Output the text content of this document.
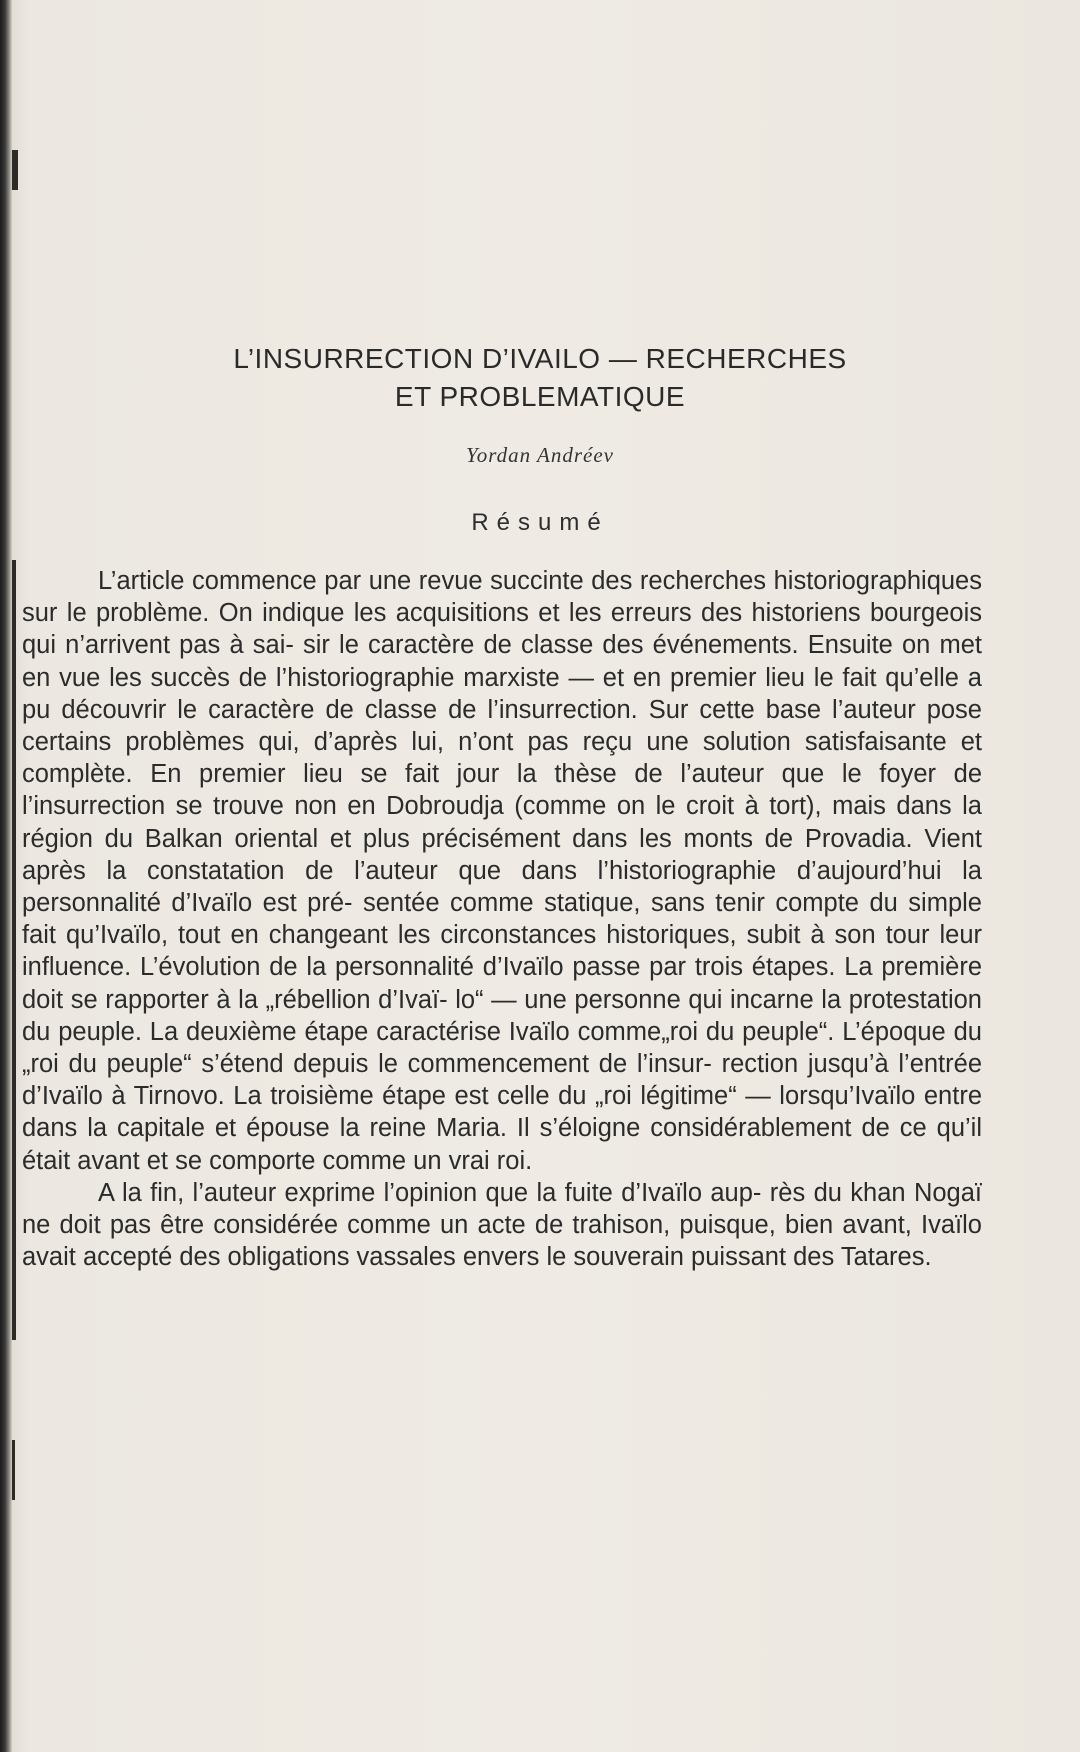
L’INSURRECTION D’IVAILO — RECHERCHES
ET PROBLEMATIQUE
Yordan Andréev
Résumé

L’article commence par une revue succinte des recherches historiographiques sur le problème. On indique les acquisitions et les erreurs des historiens bourgeois qui n’arrivent pas à sai- sir le caractère de classe des événements. Ensuite on met en vue les succès de l’historiographie marxiste — et en premier lieu le fait qu’elle a pu découvrir le caractère de classe de l’insurrection. Sur cette base l’auteur pose certains problèmes qui, d’après lui, n’ont pas reçu une solution satisfaisante et complète. En premier lieu se fait jour la thèse de l’auteur que le foyer de l’insurrection se trouve non en Dobroudja (comme on le croit à tort), mais dans la région du Balkan oriental et plus précisément dans les monts de Provadia. Vient après la constatation de l’auteur que dans l’historiographie d’aujourd’hui la personnalité d’Ivaïlo est pré- sentée comme statique, sans tenir compte du simple fait qu’Ivaïlo, tout en changeant les circonstances historiques, subit à son tour leur influence. L’évolution de la personnalité d’Ivaïlo passe par trois étapes. La première doit se rapporter à la „rébellion d’Ivaï- lo“ — une personne qui incarne la protestation du peuple. La deuxième étape caractérise Ivaïlo comme„roi du peuple“. L’époque du „roi du peuple“ s’étend depuis le commencement de l’insur- rection jusqu’à l’entrée d’Ivaïlo à Tirnovo. La troisième étape est celle du „roi légitime“ — lorsqu’Ivaïlo entre dans la capitale et épouse la reine Maria. Il s’éloigne considérablement de ce qu’il était avant et se comporte comme un vrai roi.

A la fin, l’auteur exprime l’opinion que la fuite d’Ivaïlo aup- rès du khan Nogaï ne doit pas être considérée comme un acte de trahison, puisque, bien avant, Ivaïlo avait accepté des obligations vassales envers le souverain puissant des Tatares.
